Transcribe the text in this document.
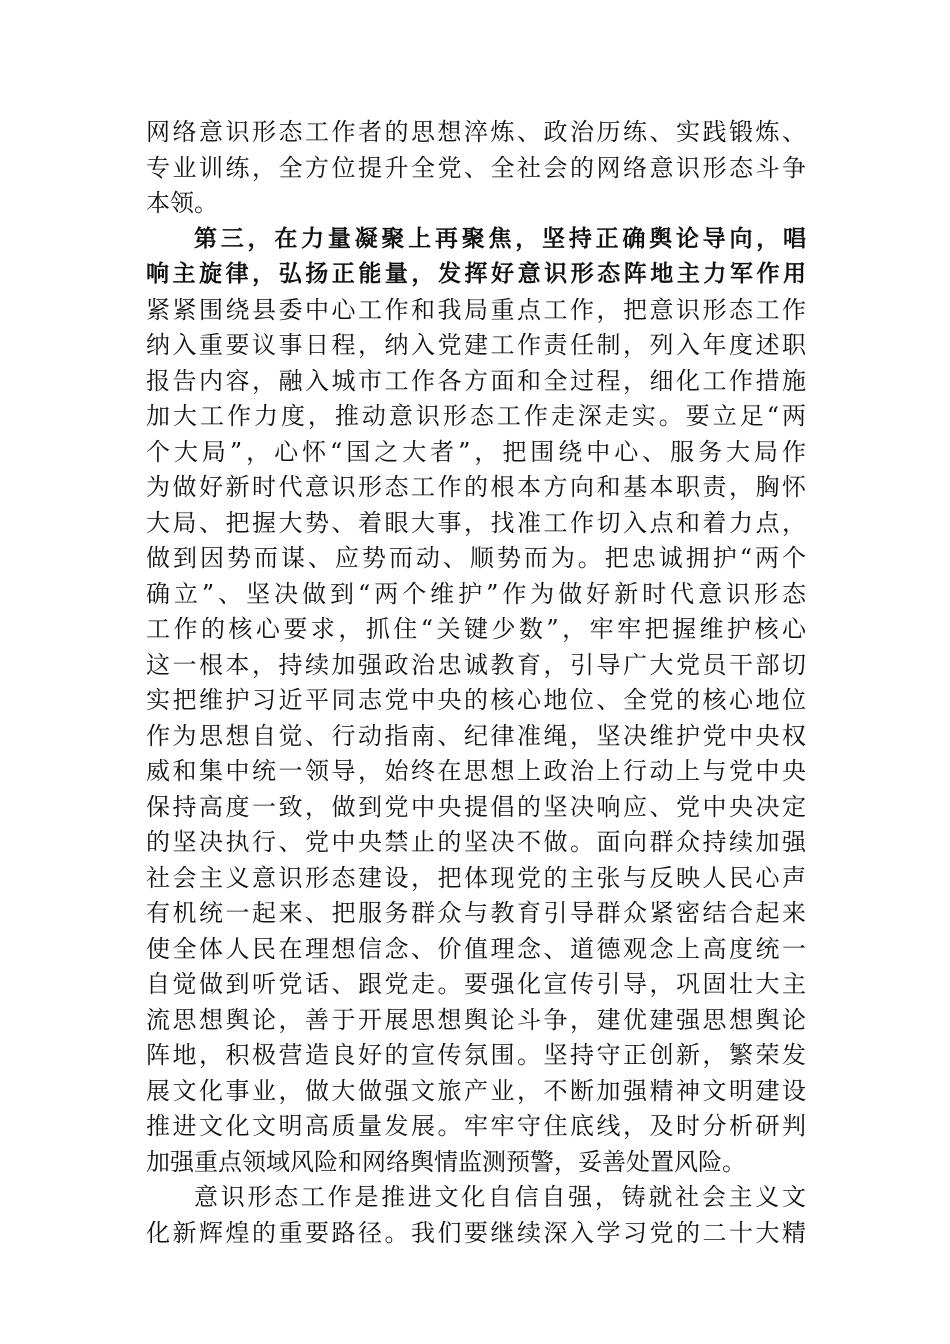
网络意识形态工作者的思想淬炼、政治历练、实践锻炼、
专业训练，全方位提升全党、全社会的网络意识形态斗争
本领。
第三，在力量凝聚上再聚焦，坚持正确舆论导向，唱
响主旋律，弘扬正能量，发挥好意识形态阵地主力军作用
紧紧围绕县委中心工作和我局重点工作，把意识形态工作
纳入重要议事日程，纳入党建工作责任制，列入年度述职
报告内容，融入城市工作各方面和全过程，细化工作措施
加大工作力度，推动意识形态工作走深走实。要立足“两
个大局”，心怀“国之大者”，把围绕中心、服务大局作
为做好新时代意识形态工作的根本方向和基本职责，胸怀
大局、把握大势、着眼大事，找准工作切入点和着力点，
做到因势而谋、应势而动、顺势而为。把忠诚拥护“两个
确立”、坚决做到“两个维护”作为做好新时代意识形态
工作的核心要求，抓住“关键少数”，牢牢把握维护核心
这一根本，持续加强政治忠诚教育，引导广大党员干部切
实把维护习近平同志党中央的核心地位、全党的核心地位
作为思想自觉、行动指南、纪律准绳，坚决维护党中央权
威和集中统一领导，始终在思想上政治上行动上与党中央
保持高度一致，做到党中央提倡的坚决响应、党中央决定
的坚决执行、党中央禁止的坚决不做。面向群众持续加强
社会主义意识形态建设，把体现党的主张与反映人民心声
有机统一起来、把服务群众与教育引导群众紧密结合起来
使全体人民在理想信念、价值理念、道德观念上高度统一
自觉做到听党话、跟党走。要强化宣传引导，巩固壮大主
流思想舆论，善于开展思想舆论斗争，建优建强思想舆论
阵地，积极营造良好的宣传氛围。坚持守正创新，繁荣发
展文化事业，做大做强文旅产业，不断加强精神文明建设
推进文化文明高质量发展。牢牢守住底线，及时分析研判
加强重点领域风险和网络舆情监测预警，妥善处置风险。
意识形态工作是推进文化自信自强，铸就社会主义文
化新辉煌的重要路径。我们要继续深入学习党的二十大精
